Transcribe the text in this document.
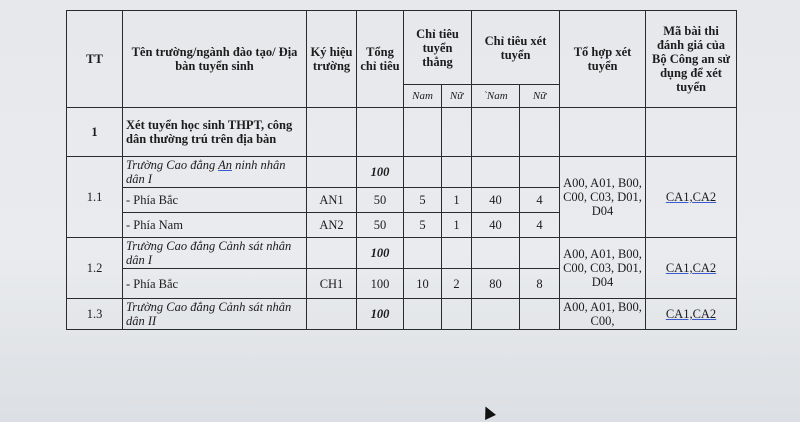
TT	Tên trường/ngành đào tạo/ Địa bàn tuyển sinh	Ký hiệu trường	Tổng chỉ tiêu	Chỉ tiêu tuyển thẳng		Chỉ tiêu xét tuyển		Tổ hợp xét tuyển	Mã bài thi đánh giá của Bộ Công an sử dụng để xét tuyển
				Nam	Nữ	`Nam	Nữ		
1	Xét tuyển học sinh THPT, công dân thường trú trên địa bàn								
1.1	Trường Cao đẳng An ninh nhân dân I		100					A00, A01, B00, C00, C03, D01, D04	CA1,CA2
	- Phía Bắc	AN1	50	5	1	40	4		
	- Phía Nam	AN2	50	5	1	40	4		
1.2	Trường Cao đẳng Cảnh sát nhân dân I		100					A00, A01, B00, C00, C03, D01, D04	CA1,CA2
	- Phía Bắc	CH1	100	10	2	80	8		
1.3	Trường Cao đẳng Cảnh sát nhân dân II		100					A00, A01, B00, C00,	CA1,CA2
